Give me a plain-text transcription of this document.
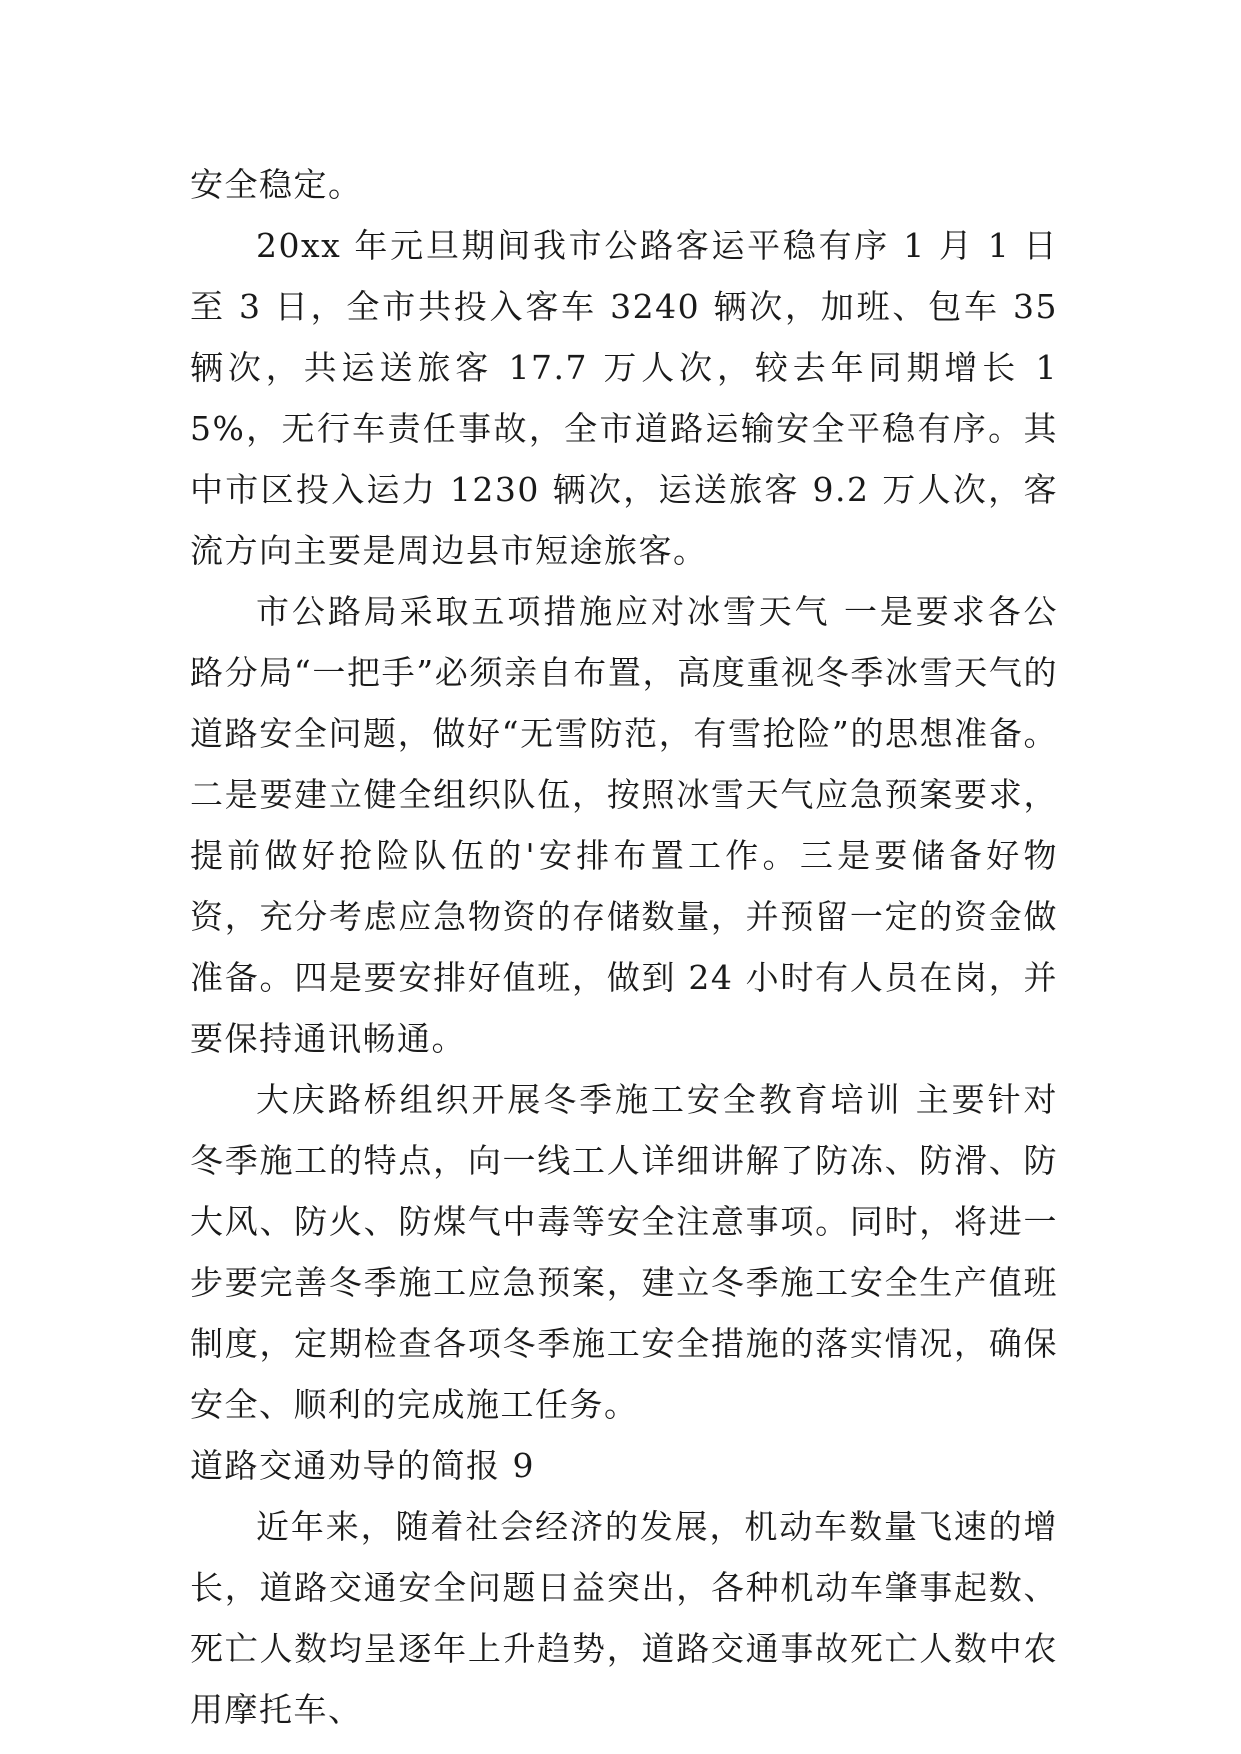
安全稳定。

20xx 年元旦期间我市公路客运平稳有序 1 月 1 日至 3 日，全市共投入客车 3240 辆次，加班、包车 35 辆次，共运送旅客 17.7 万人次，较去年同期增长 15%，无行车责任事故，全市道路运输安全平稳有序。其中市区投入运力 1230 辆次，运送旅客 9.2 万人次，客流方向主要是周边县市短途旅客。

市公路局采取五项措施应对冰雪天气 一是要求各公路分局“一把手”必须亲自布置，高度重视冬季冰雪天气的道路安全问题，做好“无雪防范，有雪抢险”的思想准备。二是要建立健全组织队伍，按照冰雪天气应急预案要求，提前做好抢险队伍的'安排布置工作。三是要储备好物资，充分考虑应急物资的存储数量，并预留一定的资金做准备。四是要安排好值班，做到 24 小时有人员在岗，并要保持通讯畅通。

大庆路桥组织开展冬季施工安全教育培训 主要针对冬季施工的特点，向一线工人详细讲解了防冻、防滑、防大风、防火、防煤气中毒等安全注意事项。同时，将进一步要完善冬季施工应急预案，建立冬季施工安全生产值班制度，定期检查各项冬季施工安全措施的落实情况，确保安全、顺利的完成施工任务。

道路交通劝导的简报 9

近年来，随着社会经济的发展，机动车数量飞速的增长，道路交通安全问题日益突出，各种机动车肇事起数、死亡人数均呈逐年上升趋势，道路交通事故死亡人数中农用摩托车、
